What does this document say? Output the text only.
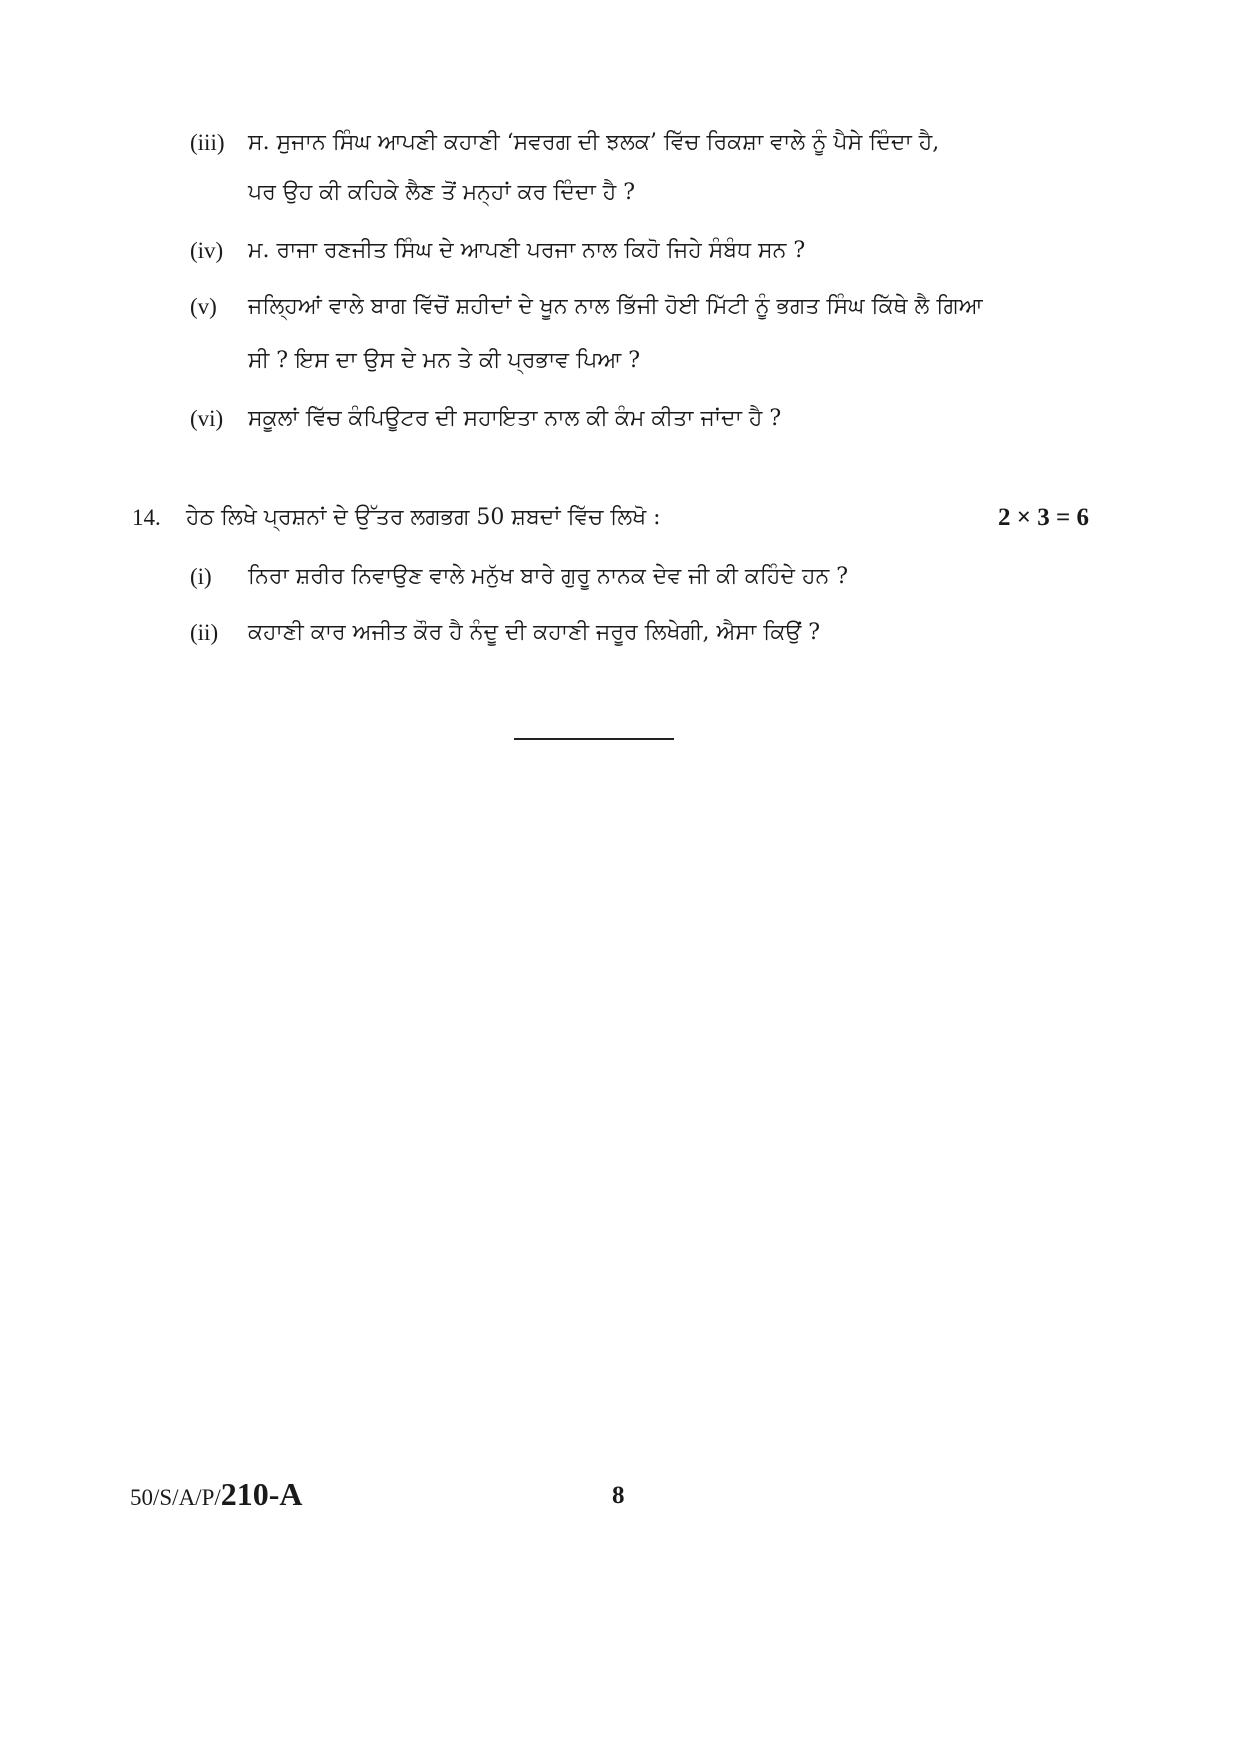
(iii) ਸ. ਸੁਜਾਨ ਸਿੰਘ ਆਪਣੀ ਕਹਾਣੀ ‘ਸਵਰਗ ਦੀ ਝਲਕ’ ਵਿੱਚ ਰਿਕਸ਼ਾ ਵਾਲੇ ਨੂੰ ਪੈਸੇ ਦਿੰਦਾ ਹੈ,
ਪਰ ਉਹ ਕੀ ਕਹਿਕੇ ਲੈਣ ਤੋਂ ਮਨ੍ਹਾਂ ਕਰ ਦਿੰਦਾ ਹੈ ?
(iv) ਮ. ਰਾਜਾ ਰਣਜੀਤ ਸਿੰਘ ਦੇ ਆਪਣੀ ਪਰਜਾ ਨਾਲ ਕਿਹੋ ਜਿਹੇ ਸੰਬੰਧ ਸਨ ?
(v) ਜਲ੍ਹਿਆਂ ਵਾਲੇ ਬਾਗ ਵਿੱਚੋਂ ਸ਼ਹੀਦਾਂ ਦੇ ਖੂਨ ਨਾਲ ਭਿੱਜੀ ਹੋਈ ਮਿੱਟੀ ਨੂੰ ਭਗਤ ਸਿੰਘ ਕਿੱਥੇ ਲੈ ਗਿਆ
ਸੀ ? ਇਸ ਦਾ ਉਸ ਦੇ ਮਨ ਤੇ ਕੀ ਪ੍ਰਭਾਵ ਪਿਆ ?
(vi) ਸਕੂਲਾਂ ਵਿੱਚ ਕੰਪਿਊਟਰ ਦੀ ਸਹਾਇਤਾ ਨਾਲ ਕੀ ਕੰਮ ਕੀਤਾ ਜਾਂਦਾ ਹੈ ?
14. ਹੇਠ ਲਿਖੇ ਪ੍ਰਸ਼ਨਾਂ ਦੇ ਉੱਤਰ ਲਗਭਗ 50 ਸ਼ਬਦਾਂ ਵਿੱਚ ਲਿਖੋ :	2 × 3 = 6
(i) ਨਿਰਾ ਸ਼ਰੀਰ ਨਿਵਾਉਣ ਵਾਲੇ ਮਨੁੱਖ ਬਾਰੇ ਗੁਰੂ ਨਾਨਕ ਦੇਵ ਜੀ ਕੀ ਕਹਿੰਦੇ ਹਨ ?
(ii) ਕਹਾਣੀ ਕਾਰ ਅਜੀਤ ਕੌਰ ਹੈ ਨੰਦੂ ਦੀ ਕਹਾਣੀ ਜਰੂਰ ਲਿਖੇਗੀ, ਐਸਾ ਕਿਉਂ ?
50/S/A/P/210-A	8
